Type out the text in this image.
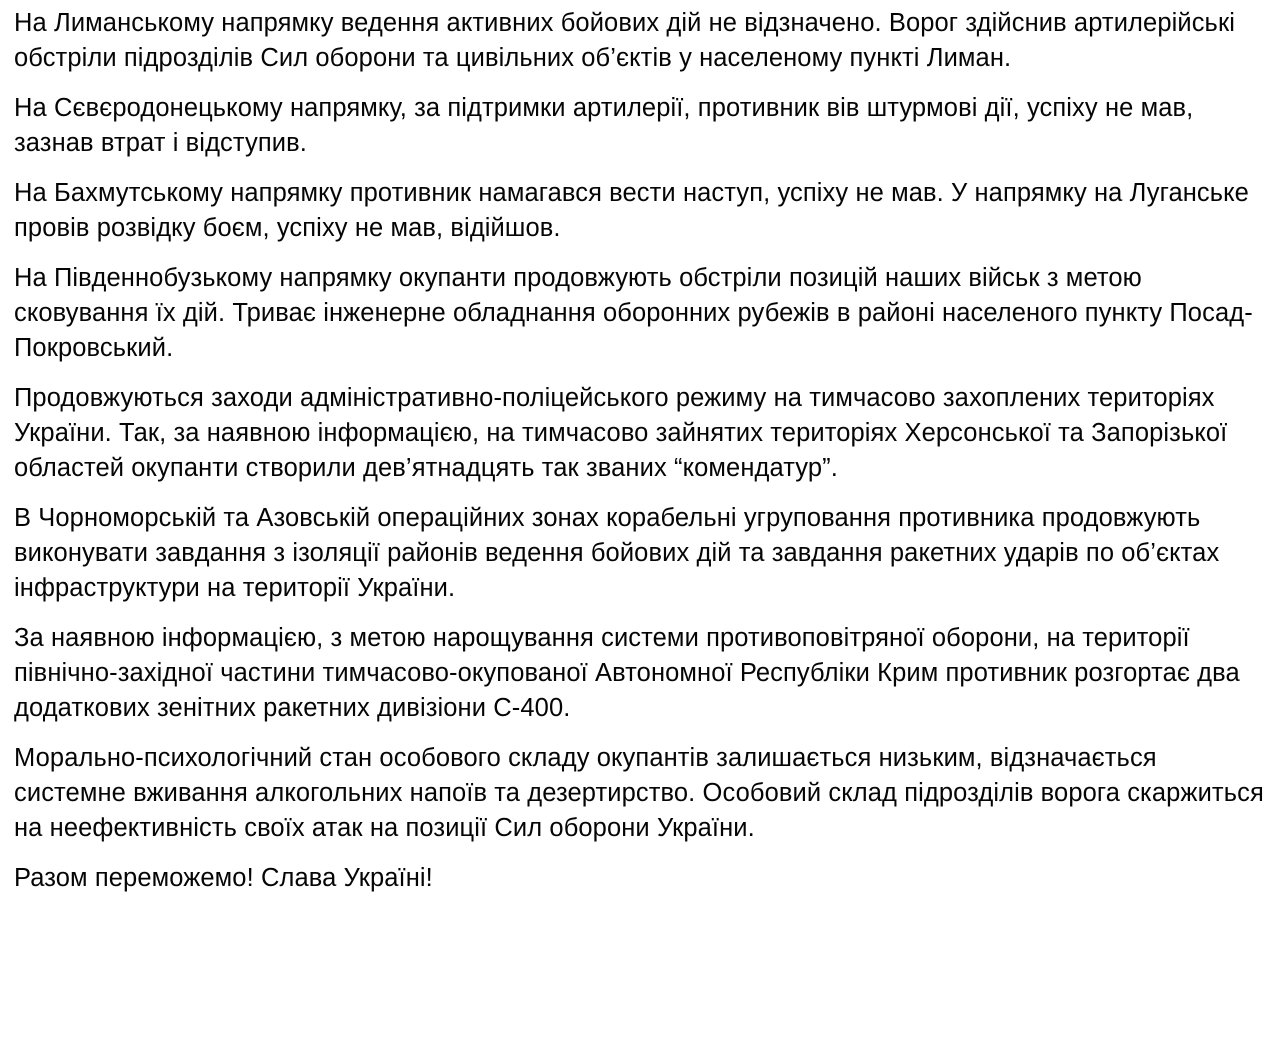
На Лиманському напрямку ведення активних бойових дій не відзначено. Ворог здійснив артилерійські обстріли підрозділів Сил оборони та цивільних об’єктів у населеному пункті Лиман.

На Сєвєродонецькому напрямку, за підтримки артилерії, противник вів штурмові дії, успіху не мав, зазнав втрат і відступив.

На Бахмутському напрямку противник намагався вести наступ, успіху не мав. У напрямку на Луганське провів розвідку боєм, успіху не мав, відійшов.

На Південнобузькому напрямку окупанти продовжують обстріли позицій наших військ з метою сковування їх дій. Триває інженерне обладнання оборонних рубежів в районі населеного пункту Посад-Покровський.

Продовжуються заходи адміністративно-поліцейського режиму на тимчасово захоплених територіях України. Так, за наявною інформацією, на тимчасово зайнятих територіях Херсонської та Запорізької областей окупанти створили дев’ятнадцять так званих “комендатур”.

В Чорноморській та Азовській операційних зонах корабельні угруповання противника продовжують виконувати завдання з ізоляції районів ведення бойових дій та завдання ракетних ударів по об’єктах інфраструктури на території України.

За наявною інформацією, з метою нарощування системи противоповітряної оборони, на території північно-західної частини тимчасово-окупованої Автономної Республіки Крим противник розгортає два додаткових зенітних ракетних дивізіони С-400.

Морально-психологічний стан особового складу окупантів залишається низьким, відзначається системне вживання алкогольних напоїв та дезертирство. Особовий склад підрозділів ворога скаржиться на неефективність своїх атак на позиції Сил оборони України.

Разом переможемо! Слава Україні!
